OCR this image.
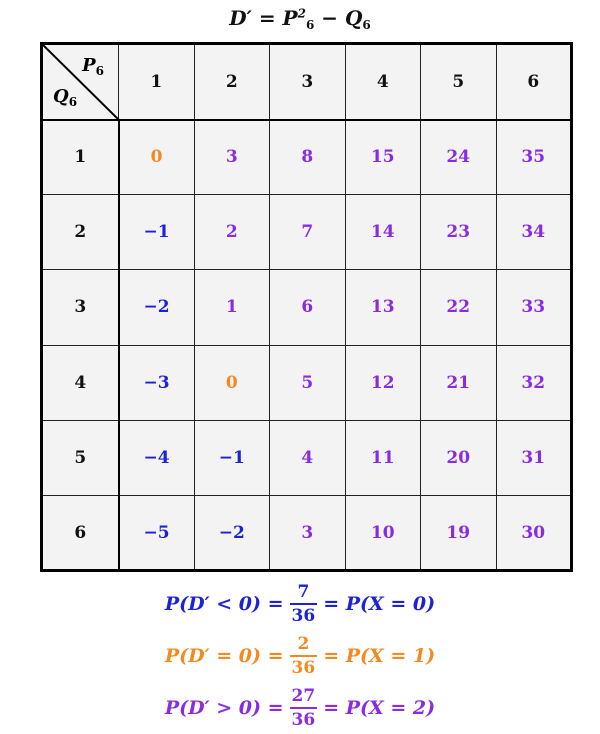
$D' = P^2_6 - Q_6$
$P_6$
$Q_6$	1	2	3	4	5	6
1	0	3	8	15	24	35
2	−1	2	7	14	23	34
3	−2	1	6	13	22	33
4	−3	0	5	12	21	32
5	−4	−1	4	11	20	31
6	−5	−2	3	10	19	30
$P(D' < 0) = \frac{7}{36} = P(X = 0)$
$P(D' = 0) = \frac{2}{36} = P(X = 1)$
$P(D' > 0) = \frac{27}{36} = P(X = 2)$
